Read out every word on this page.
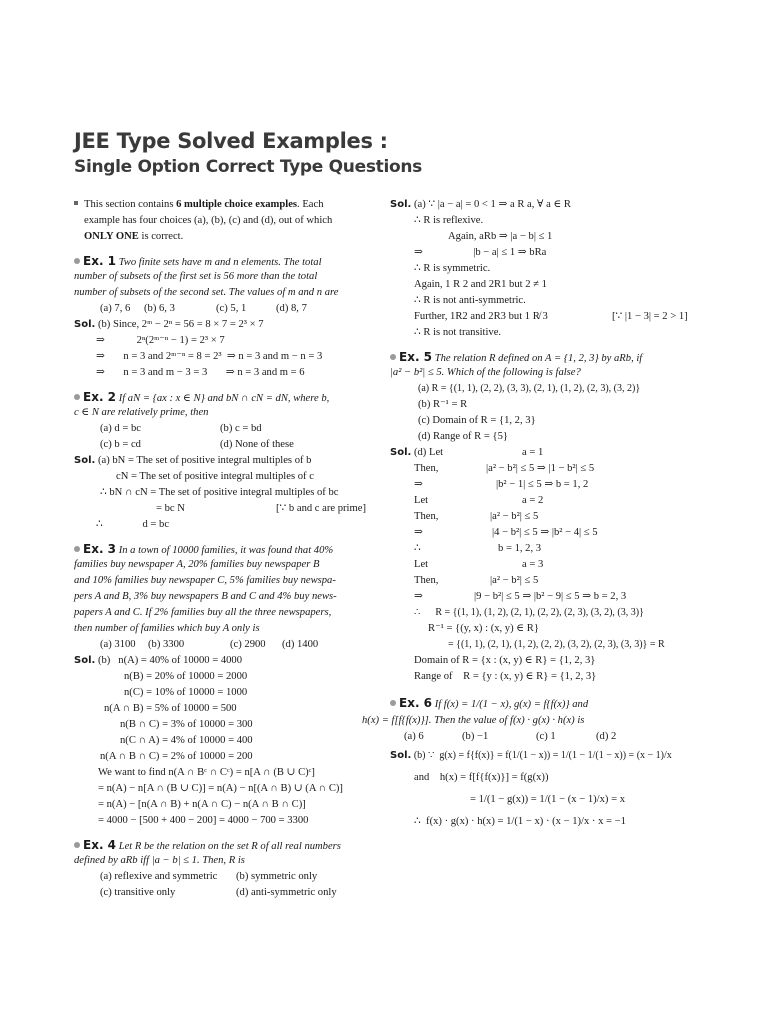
JEE Type Solved Examples :
Single Option Correct Type Questions
This section contains 6 multiple choice examples. Each
example has four choices (a), (b), (c) and (d), out of which
ONLY ONE is correct.
Ex. 1 Two finite sets have m and n elements. The total
number of subsets of the first set is 56 more than the total
number of subsets of the second set. The values of m and n are
(a) 7, 6	(b) 6, 3	(c) 5, 1	(d) 8, 7
Sol. (b) Since, 2ᵐ − 2ⁿ = 56 = 8 × 7 = 2³ × 7
⇒            2ⁿ(2ᵐ⁻ⁿ − 1) = 2³ × 7
⇒       n = 3 and 2ᵐ⁻ⁿ = 8 = 2³  ⇒ n = 3 and m − n = 3
⇒       n = 3 and m − 3 = 3       ⇒ n = 3 and m = 6
Ex. 2 If aN = {ax : x ∈ N} and bN ∩ cN = dN, where b,
c ∈ N are relatively prime, then
(a) d = bc	(b) c = bd
(c) b = cd	(d) None of these
Sol. (a) bN = The set of positive integral multiples of b
cN = The set of positive integral multiples of c
∴ bN ∩ cN = The set of positive integral multiples of bc
= bc N	[∵ b and c are prime]
∴               d = bc
Ex. 3 In a town of 10000 families, it was found that 40%
families buy newspaper A, 20% families buy newspaper B
and 10% families buy newspaper C, 5% families buy newspa-
pers A and B, 3% buy newspapers B and C and 4% buy news-
papers A and C. If 2% families buy all the three newspapers,
then number of families which buy A only is
(a) 3100	(b) 3300	(c) 2900	(d) 1400
Sol. (b)   n(A) = 40% of 10000 = 4000
n(B) = 20% of 10000 = 2000
n(C) = 10% of 10000 = 1000
n(A ∩ B) = 5% of 10000 = 500
n(B ∩ C) = 3% of 10000 = 300
n(C ∩ A) = 4% of 10000 = 400
n(A ∩ B ∩ C) = 2% of 10000 = 200
We want to find n(A ∩ Bᶜ ∩ Cᶜ) = n[A ∩ (B ∪ C)ᶜ]
= n(A) − n[A ∩ (B ∪ C)] = n(A) − n[(A ∩ B) ∪ (A ∩ C)]
= n(A) − [n(A ∩ B) + n(A ∩ C) − n(A ∩ B ∩ C)]
= 4000 − [500 + 400 − 200] = 4000 − 700 = 3300
Ex. 4 Let R be the relation on the set R of all real numbers
defined by aRb iff |a − b| ≤ 1. Then, R is
(a) reflexive and symmetric	(b) symmetric only
(c) transitive only	(d) anti-symmetric only
Sol. (a) ∵ |a − a| = 0 < 1 ⇒ a R a, ∀ a ∈ R
∴ R is reflexive.
Again, aRb ⇒ |a − b| ≤ 1
⇒                   |b − a| ≤ 1 ⇒ bRa
∴ R is symmetric.
Again, 1 R 2 and 2R1 but 2 ≠ 1
∴ R is not anti-symmetric.
Further, 1R2 and 2R3 but 1 R̸ 3	[∵ |1 − 3| = 2 > 1]
∴ R is not transitive.
Ex. 5 The relation R defined on A = {1, 2, 3} by aRb, if
|a² − b²| ≤ 5. Which of the following is false?
(a) R = {(1, 1), (2, 2), (3, 3), (2, 1), (1, 2), (2, 3), (3, 2)}
(b) R⁻¹ = R
(c) Domain of R = {1, 2, 3}
(d) Range of R = {5}
Sol. (d) Let	a = 1
Then,	|a² − b²| ≤ 5 ⇒ |1 − b²| ≤ 5
⇒	|b² − 1| ≤ 5 ⇒ b = 1, 2
Let	a = 2
Then,	|a² − b²| ≤ 5
⇒	|4 − b²| ≤ 5 ⇒ |b² − 4| ≤ 5
∴	b = 1, 2, 3
Let	a = 3
Then,	|a² − b²| ≤ 5
⇒	|9 − b²| ≤ 5 ⇒ |b² − 9| ≤ 5 ⇒ b = 2, 3
∴      R = {(1, 1), (1, 2), (2, 1), (2, 2), (2, 3), (3, 2), (3, 3)}
R⁻¹ = {(y, x) : (x, y) ∈ R}
= {(1, 1), (2, 1), (1, 2), (2, 2), (3, 2), (2, 3), (3, 3)} = R
Domain of R = {x : (x, y) ∈ R} = {1, 2, 3}
Range of    R = {y : (x, y) ∈ R} = {1, 2, 3}
Ex. 6 If f(x) = 1/(1 − x), g(x) = f{f(x)} and
h(x) = f[f{f(x)}]. Then the value of f(x) · g(x) · h(x) is
(a) 6	(b) −1	(c) 1	(d) 2
Sol. (b) ∵  g(x) = f{f(x)} = f(1/(1 − x)) = 1/(1 − 1/(1 − x)) = (x − 1)/x
and    h(x) = f[f{f(x)}] = f(g(x))
= 1/(1 − g(x)) = 1/(1 − (x − 1)/x) = x
∴  f(x) · g(x) · h(x) = 1/(1 − x) · (x − 1)/x · x = −1
